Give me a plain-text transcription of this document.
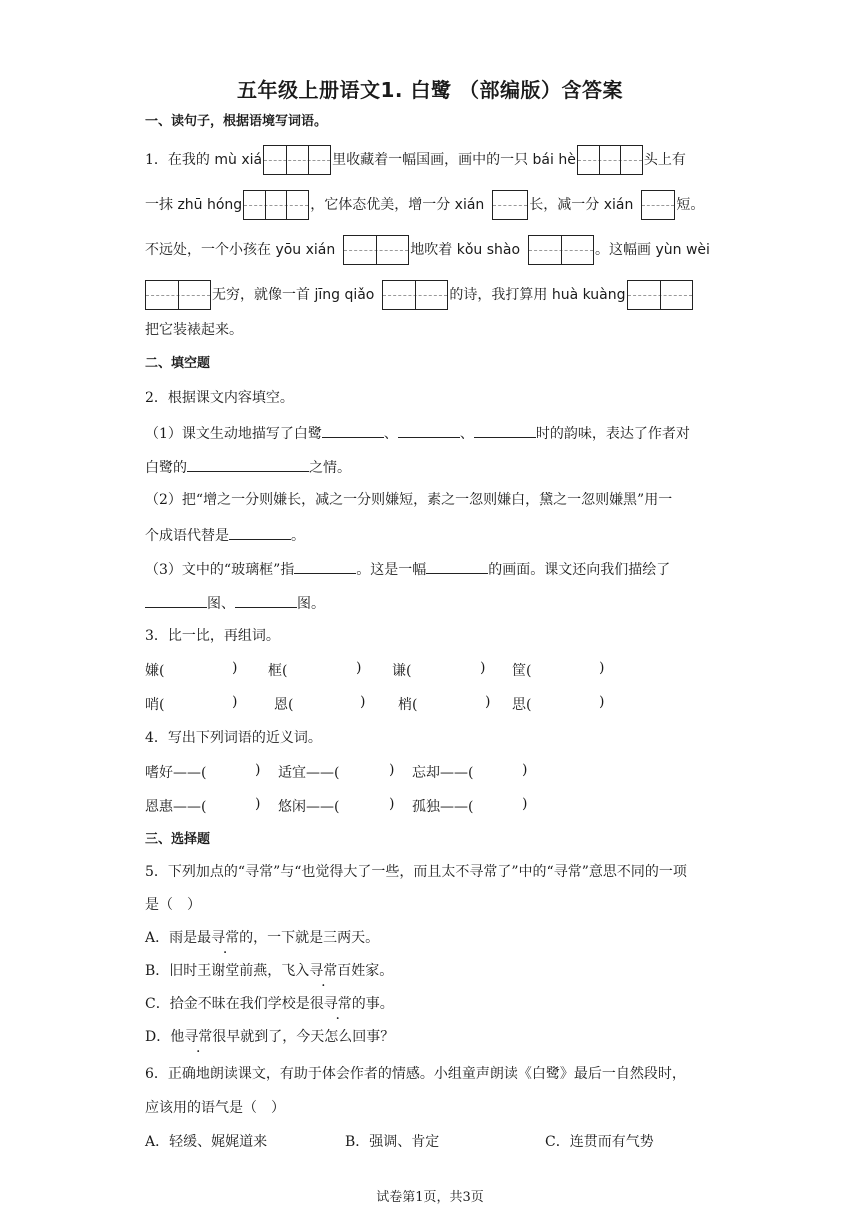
五年级上册语文1. 白鹭 （部编版）含答案
一、读句子，根据语境写词语。
1．在我的 mù xiá	里收藏着一幅国画，画中的一只 bái hè	头上有
一抹 zhū hóng	，它体态优美，增一分 xián	长，减一分 xián	短。
不远处，一个小孩在 yōu xián	地吹着 kǒu shào	。这幅画 yùn wèi
无穷，就像一首 jīng qiǎo	的诗，我打算用 huà kuàng
把它装裱起来。
二、填空题
2．根据课文内容填空。
（1）课文生动地描写了白鹭	、	、	时的韵味，表达了作者对
白鹭的	之情。
（2）把“增之一分则嫌长，减之一分则嫌短，素之一忽则嫌白，黛之一忽则嫌黑”用一
个成语代替是	。
（3）文中的“玻璃框”指	。这是一幅	的画面。课文还向我们描绘了
图、	图。
3．比一比，再组词。
嫌(	) 框(	) 谦(	) 筐(	)
哨(	)	恩(	) 梢(	) 思(	)
4．写出下列词语的近义词。
嗜好——(	) 适宜——(	) 忘却——(	)
恩惠——(	) 悠闲——(	) 孤独——(	)
三、选择题
5．下列加点的“寻常”与“也觉得大了一些，而且太不寻常了”中的“寻常”意思不同的一项
是（　）
A．雨是最寻常的，一下就是三两天。
B．旧时王谢堂前燕，飞入寻常百姓家。
C．拾金不昧在我们学校是很寻常的事。
D．他寻常很早就到了，今天怎么回事？
6．正确地朗读课文，有助于体会作者的情感。小组童声朗读《白鹭》最后一自然段时，
应该用的语气是（　）
A．轻缓、娓娓道来	B．强调、肯定	C．连贯而有气势
试卷第1页，共3页
